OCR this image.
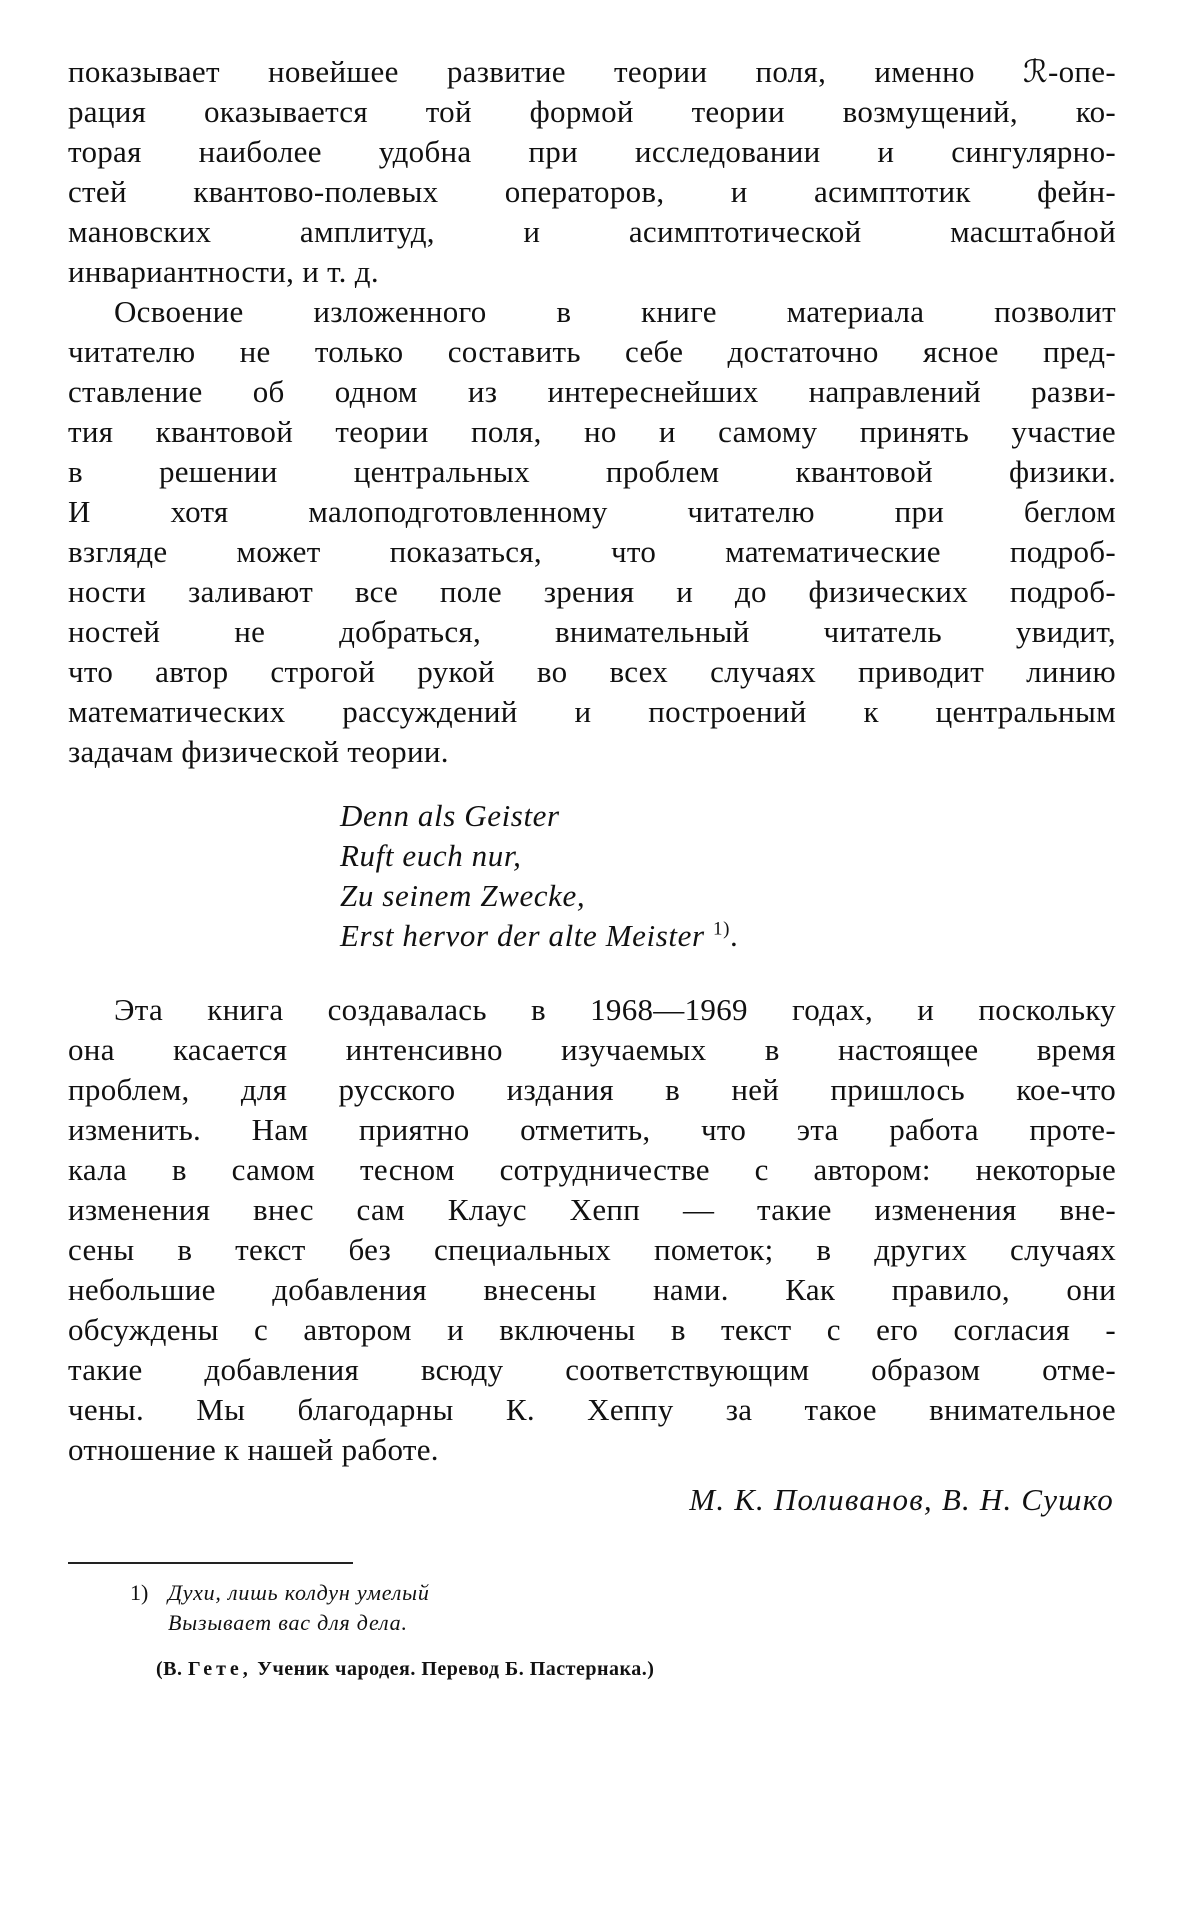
показывает новейшее развитие теории поля, именно ℛ-опе-
рация оказывается той формой теории возмущений, ко-
торая наиболее удобна при исследовании и сингулярно-
стей квантово-полевых операторов, и асимптотик фейн-
мановских амплитуд, и асимптотической масштабной
инвариантности, и т. д.
Освоение изложенного в книге материала позволит
читателю не только составить себе достаточно ясное пред-
ставление об одном из интереснейших направлений разви-
тия квантовой теории поля, но и самому принять участие
в решении центральных проблем квантовой физики.
И хотя малоподготовленному читателю при беглом
взгляде может показаться, что математические подроб-
ности заливают все поле зрения и до физических подроб-
ностей не добраться, внимательный читатель увидит,
что автор строгой рукой во всех случаях приводит линию
математических рассуждений и построений к центральным
задачам физической теории.
Denn als Geister
Ruft euch nur,
Zu seinem Zwecke,
Erst hervor der alte Meister $^{1)}$.
Эта книга создавалась в 1968—1969 годах, и поскольку
она касается интенсивно изучаемых в настоящее время
проблем, для русского издания в ней пришлось кое-что
изменить. Нам приятно отметить, что эта работа проте-
кала в самом тесном сотрудничестве с автором: некоторые
изменения внес сам Клаус Хепп — такие изменения вне-
сены в текст без специальных пометок; в других случаях
небольшие добавления внесены нами. Как правило, они
обсуждены с автором и включены в текст с его согласия -
такие добавления всюду соответствующим образом отме-
чены. Мы благодарны К. Хеппу за такое внимательное
отношение к нашей работе.
М. К. Поливанов, В. Н. Сушко
1) Духи, лишь колдун умелый
Вызывает вас для дела.
(В. Гете, Ученик чародея. Перевод Б. Пастернака.)
